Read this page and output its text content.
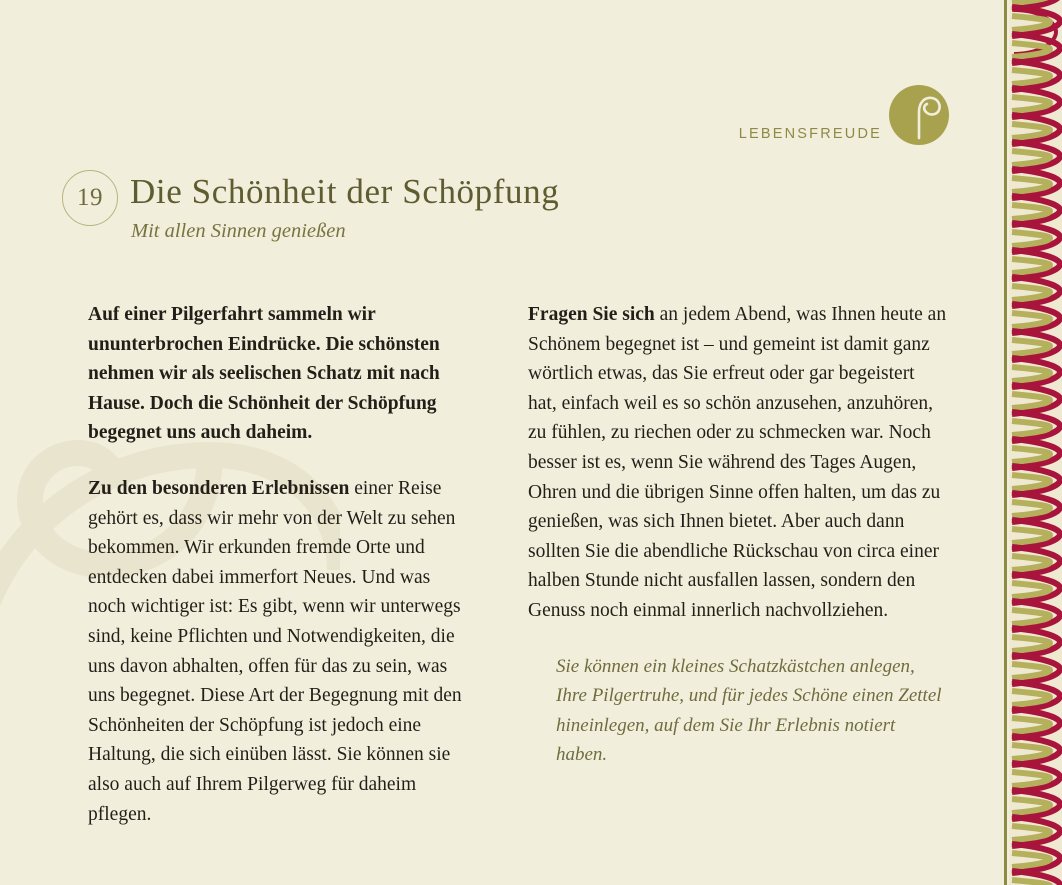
LEBENSFREUDE
19 Die Schönheit der Schöpfung
Mit allen Sinnen genießen

Auf einer Pilgerfahrt sammeln wir ununterbrochen Eindrücke. Die schönsten nehmen wir als seelischen Schatz mit nach Hause. Doch die Schönheit der Schöpfung begegnet uns auch daheim.

Zu den besonderen Erlebnissen einer Reise gehört es, dass wir mehr von der Welt zu sehen bekommen. Wir erkunden fremde Orte und entdecken dabei immerfort Neues. Und was noch wichtiger ist: Es gibt, wenn wir unterwegs sind, keine Pflichten und Notwendigkeiten, die uns davon abhalten, offen für das zu sein, was uns begegnet. Diese Art der Begegnung mit den Schönheiten der Schöpfung ist jedoch eine Haltung, die sich einüben lässt. Sie können sie also auch auf Ihrem Pilgerweg für daheim pflegen.

Fragen Sie sich an jedem Abend, was Ihnen heute an Schönem begegnet ist – und gemeint ist damit ganz wörtlich etwas, das Sie erfreut oder gar begeistert hat, einfach weil es so schön anzusehen, anzuhören, zu fühlen, zu riechen oder zu schmecken war. Noch besser ist es, wenn Sie während des Tages Augen, Ohren und die übrigen Sinne offen halten, um das zu genießen, was sich Ihnen bietet. Aber auch dann sollten Sie die abendliche Rückschau von circa einer halben Stunde nicht ausfallen lassen, sondern den Genuss noch einmal innerlich nachvollziehen.

Sie können ein kleines Schatzkästchen anlegen, Ihre Pilgertruhe, und für jedes Schöne einen Zettel hineinlegen, auf dem Sie Ihr Erlebnis notiert haben.
